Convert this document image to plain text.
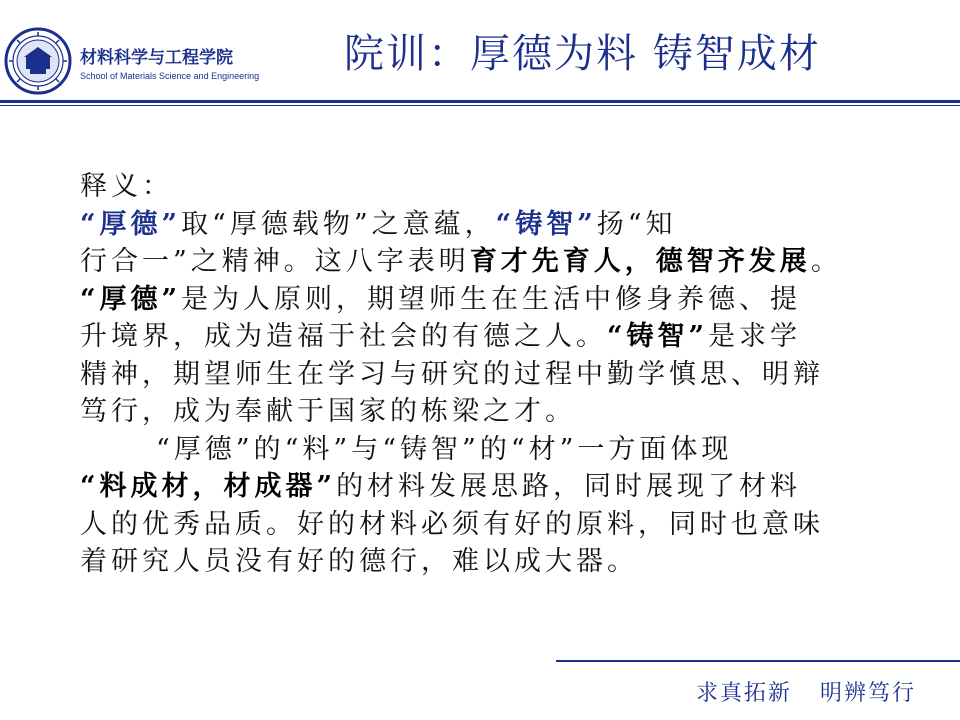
材料科学与工程学院
School of Materials Science and Engineering 院训：厚德为料 铸智成材
释义：
“厚德”取“厚德载物”之意蕴，“铸智”扬“知
行合一”之精神。这八字表明育才先育人，德智齐发展。
“厚德”是为人原则，期望师生在生活中修身养德、提
升境界，成为造福于社会的有德之人。“铸智”是求学
精神，期望师生在学习与研究的过程中勤学慎思、明辩
笃行，成为奉献于国家的栋梁之才。
“厚德”的“料”与“铸智”的“材”一方面体现
“料成材，材成器”的材料发展思路，同时展现了材料
人的优秀品质。好的材料必须有好的原料，同时也意味
着研究人员没有好的德行，难以成大器。
求真拓新 明辨笃行
